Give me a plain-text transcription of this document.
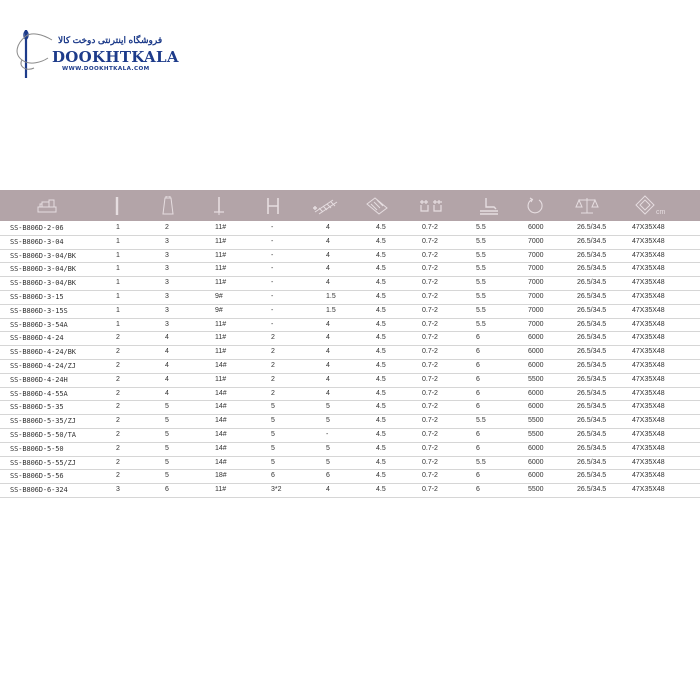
فروشگاه اینترنتی دوخت کالا
DOOKHTKALA
WWW.DOOKHTKALA.COM
cm
SS-B806D-2-06	1	2	11#	-	4	4.5	0.7-2	5.5	6000	26.5/34.5	47X35X48
SS-B806D-3-04	1	3	11#	-	4	4.5	0.7-2	5.5	7000	26.5/34.5	47X35X48
SS-B806D-3-04/BK	1	3	11#	-	4	4.5	0.7-2	5.5	7000	26.5/34.5	47X35X48
SS-B806D-3-04/BK	1	3	11#	-	4	4.5	0.7-2	5.5	7000	26.5/34.5	47X35X48
SS-B806D-3-04/BK	1	3	11#	-	4	4.5	0.7-2	5.5	7000	26.5/34.5	47X35X48
SS-B806D-3-15	1	3	9#	-	1.5	4.5	0.7-2	5.5	7000	26.5/34.5	47X35X48
SS-B806D-3-15S	1	3	9#	-	1.5	4.5	0.7-2	5.5	7000	26.5/34.5	47X35X48
SS-B806D-3-54A	1	3	11#	-	4	4.5	0.7-2	5.5	7000	26.5/34.5	47X35X48
SS-B806D-4-24	2	4	11#	2	4	4.5	0.7-2	6	6000	26.5/34.5	47X35X48
SS-B806D-4-24/BK	2	4	11#	2	4	4.5	0.7-2	6	6000	26.5/34.5	47X35X48
SS-B806D-4-24/ZJ	2	4	14#	2	4	4.5	0.7-2	6	6000	26.5/34.5	47X35X48
SS-B806D-4-24H	2	4	11#	2	4	4.5	0.7-2	6	5500	26.5/34.5	47X35X48
SS-B806D-4-55A	2	4	14#	2	4	4.5	0.7-2	6	6000	26.5/34.5	47X35X48
SS-B806D-5-35	2	5	14#	5	5	4.5	0.7-2	6	6000	26.5/34.5	47X35X48
SS-B806D-5-35/ZJ	2	5	14#	5	5	4.5	0.7-2	5.5	5500	26.5/34.5	47X35X48
SS-B806D-5-50/TA	2	5	14#	5	-	4.5	0.7-2	6	5500	26.5/34.5	47X35X48
SS-B806D-5-50	2	5	14#	5	5	4.5	0.7-2	6	6000	26.5/34.5	47X35X48
SS-B806D-5-55/ZJ	2	5	14#	5	5	4.5	0.7-2	5.5	6000	26.5/34.5	47X35X48
SS-B806D-5-56	2	5	18#	6	6	4.5	0.7-2	6	6000	26.5/34.5	47X35X48
SS-B806D-6-324	3	6	11#	3*2	4	4.5	0.7-2	6	5500	26.5/34.5	47X35X48
